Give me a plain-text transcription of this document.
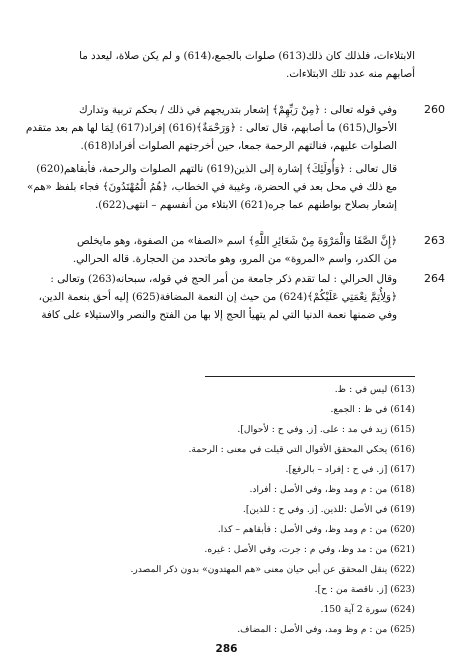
الابتلاءات، فلذلك كان ذلك(613) صلوات بالجمع،(614) و لم يكن صلاة، ليعدد ما
أصابهم منه عدد تلك الابتلاءات.
260
وفي قوله تعالى : ﴿مِنْ رَبِّهِمْ﴾ إشعار بتدريجهم في ذلك / بحكم تربية وتدارك
الأحوال(615) ما أصابهم، قال تعالى : ﴿وَرَحْمَةٌ﴾(616) إفراد(617) لِمَا لها هم بعد متقدم
الصلوات عليهم، فنالتهم الرحمة جمعا، حين أخرجتهم الصلوات أفرادا(618).
قال تعالى : ﴿وَأُولَئِكَ﴾ إشارة إلى الذين(619) نالتهم الصلوات والرحمة، فأبقاهم(620)
مع ذلك في محل بعد في الحضرة، وغيبة في الخطاب، ﴿هُمُ الْمُهْتَدُونَ﴾ فجاء بلفظ «هم»
إشعار بصلاح بواطنهم عما جره(621) الابتلاء من أنفسهم – انتهى(622).
263
﴿إِنَّ الصَّفَا وَالْمَرْوَةَ مِنْ شَعَائِرِ اللَّهِ﴾ اسم «الصفا» من الصفوة، وهو مايخلص
من الكدر، واسم «المروة» من المرو، وهو ماتحدد من الحجارة. قاله الحرالي.
264
وقال الحرالي : لما تقدم ذكر جامعة من أمر الحج في قوله، سبحانه(263) وتعالى :
﴿وَلِأُتِمَّ نِعْمَتِي عَلَيْكُمْ﴾(624) من حيث إن النعمة المضافة(625) إليه أحق بنعمة الدين،
وفي ضمنها نعمة الدنيا التي لم يتهيأ الحج إلا بها من الفتح والنصر والاستيلاء على كافة
(613) ليس في : ظ.
(614) في ظ : الجمع.
(615) زيد في مد : على. [ز. وفي ح : لأحوال].
(616) يحكي المحقق الأقوال التي قيلت في معنى : الرحمة.
(617) [ز. في ح : إفراد – بالرفع].
(618) من : م ومد وظ، وفي الأصل : أفراد.
(619) في الأصل :للذين. [ز. وفي ح : للذين].
(620) من : م ومد وظ، وفي الأصل : فأبقاهم – كذا.
(621) من : مد وظ، وفي م : جرت، وفي الأصل : غيره.
(622) ينقل المحقق عن أبي حيان معنى «هم المهتدون» بدون ذكر المصدر.
(623) [ز. ناقصة من : ح].
(624) سورة 2 آية 150.
(625) من : م وظ ومد، وفي الأصل : المضاف.
286
